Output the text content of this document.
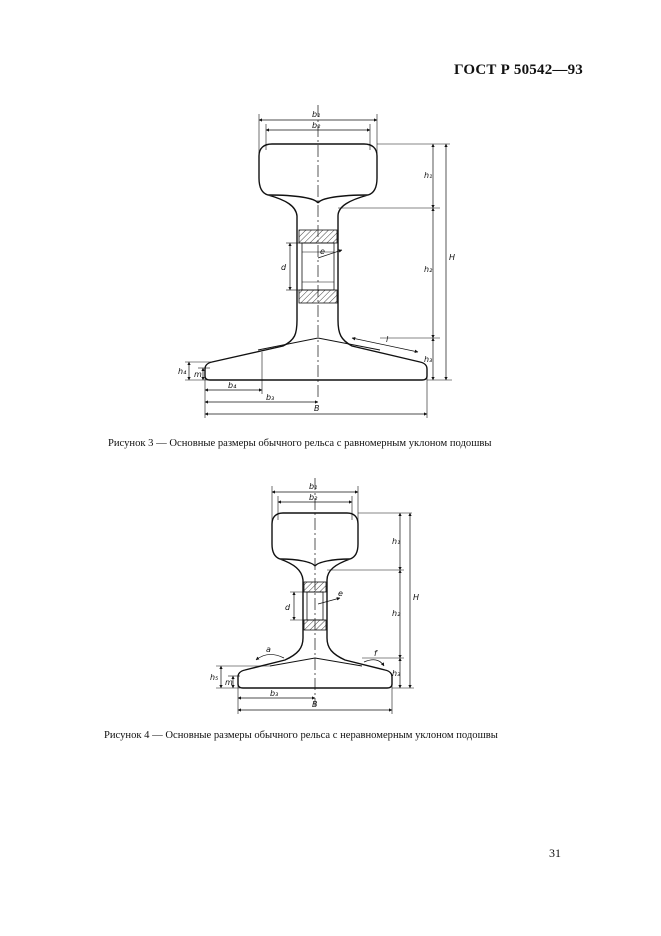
ГОСТ Р 50542—93
b₁
b₂
B
b₃
b₄
h₁
h₂
h₃
H
h₄ m
d
e
l
Рисунок 3 — Основные размеры обычного рельса с равномерным уклоном подошвы
b₁
b₂
B
b₃
h₁
h₂
h₃
H
h₅
m
d
e
a	f
Рисунок 4 — Основные размеры обычного рельса с неравномерным уклоном подошвы
31
